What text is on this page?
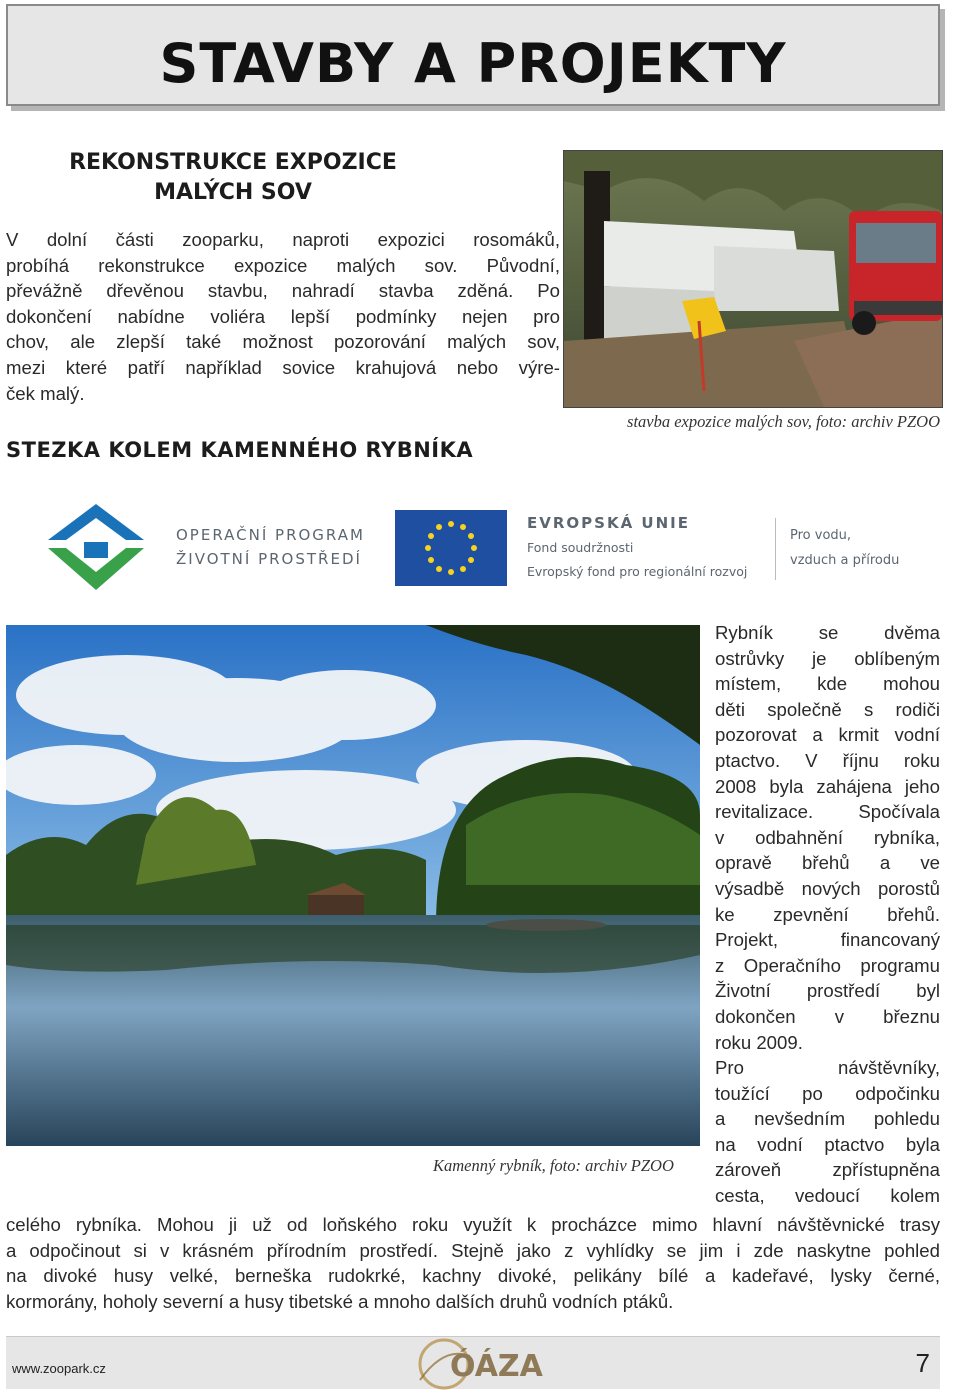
STAVBY A PROJEKTY
REKONSTRUKCE EXPOZICE
MALÝCH SOV
V dolní části zooparku, naproti expozici rosomáků,
probíhá rekonstrukce expozice malých sov. Původní,
převážně dřevěnou stavbu, nahradí stavba zděná. Po
dokončení nabídne voliéra lepší podmínky nejen pro
chov, ale zlepší také možnost pozorování malých sov,
mezi které patří například sovice krahujová nebo výre-
ček malý.
STEZKA KOLEM KAMENNÉHO RYBNÍKA
stavba expozice malých sov, foto: archiv PZOO
OPERAČNÍ PROGRAM
ŽIVOTNÍ PROSTŘEDÍ
EVROPSKÁ UNIE
Fond soudržnosti
Evropský fond pro regionální rozvoj
Pro vodu,
vzduch a přírodu
Kamenný rybník, foto: archiv PZOO
Rybník se dvěma
ostrůvky je oblíbeným
místem, kde mohou
děti společně s rodiči
pozorovat a krmit vodní
ptactvo. V říjnu roku
2008 byla zahájena jeho
revitalizace. Spočívala
v odbahnění rybníka,
opravě břehů a ve
výsadbě nových porostů
ke zpevnění břehů.
Projekt, financovaný
z Operačního programu
Životní prostředí byl
dokončen v březnu
roku 2009.
Pro návštěvníky,
toužící po odpočinku
a nevšedním pohledu
na vodní ptactvo byla
zároveň zpřístupněna
cesta, vedoucí kolem
celého rybníka. Mohou ji už od loňského roku využít k procházce mimo hlavní návštěvnické trasy
a odpočinout si v krásném přírodním prostředí. Stejně jako z vyhlídky se jim i zde naskytne pohled
na divoké husy velké, berneška rudokrké, kachny divoké, pelikány bílé a kadeřavé, lysky černé,
kormorány, hoholy severní a husy tibetské a mnoho dalších druhů vodních ptáků.
www.zoopark.cz	ÓÁZA	7
